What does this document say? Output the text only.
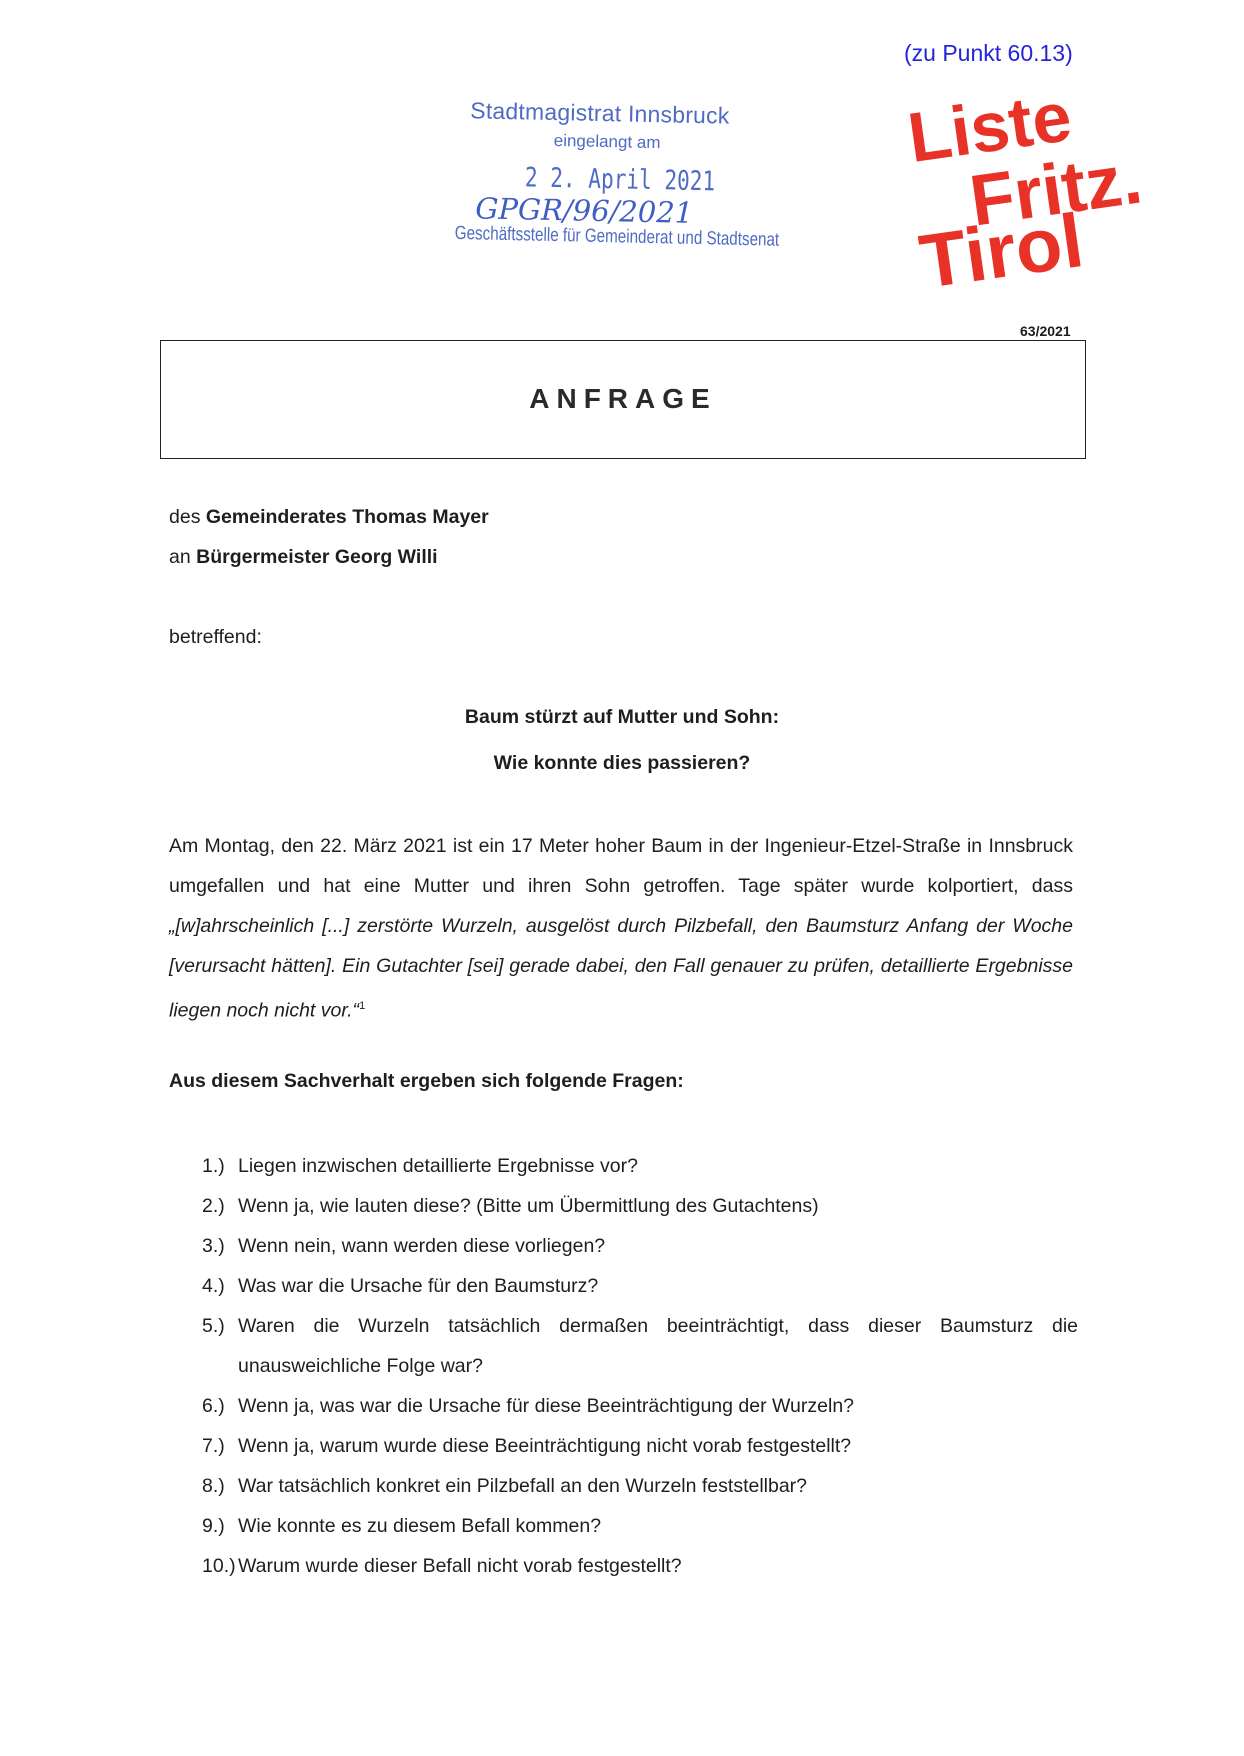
(zu Punkt 60.13)
Stadtmagistrat Innsbruck
eingelangt am
2 2. April 2021
GPGR/96/2021
Geschäftsstelle für Gemeinderat und Stadtsenat
Liste
Fritz.
Tirol
63/2021
ANFRAGE
des Gemeinderates Thomas Mayer
an Bürgermeister Georg Willi
betreffend:
Baum stürzt auf Mutter und Sohn:
Wie konnte dies passieren?
Am Montag, den 22. März 2021 ist ein 17 Meter hoher Baum in der Ingenieur-Etzel-Straße in Innsbruck umgefallen und hat eine Mutter und ihren Sohn getroffen. Tage später wurde kolportiert, dass „[w]ahrscheinlich [...] zerstörte Wurzeln, ausgelöst durch Pilzbefall, den Baumsturz Anfang der Woche [verursacht hätten]. Ein Gutachter [sei] gerade dabei, den Fall genauer zu prüfen, detaillierte Ergebnisse liegen noch nicht vor.“$^1$
Aus diesem Sachverhalt ergeben sich folgende Fragen:
1.) Liegen inzwischen detaillierte Ergebnisse vor?
2.) Wenn ja, wie lauten diese? (Bitte um Übermittlung des Gutachtens)
3.) Wenn nein, wann werden diese vorliegen?
4.) Was war die Ursache für den Baumsturz?
5.) Waren die Wurzeln tatsächlich dermaßen beeinträchtigt, dass dieser Baumsturz die unausweichliche Folge war?
6.) Wenn ja, was war die Ursache für diese Beeinträchtigung der Wurzeln?
7.) Wenn ja, warum wurde diese Beeinträchtigung nicht vorab festgestellt?
8.) War tatsächlich konkret ein Pilzbefall an den Wurzeln feststellbar?
9.) Wie konnte es zu diesem Befall kommen?
10.) Warum wurde dieser Befall nicht vorab festgestellt?
